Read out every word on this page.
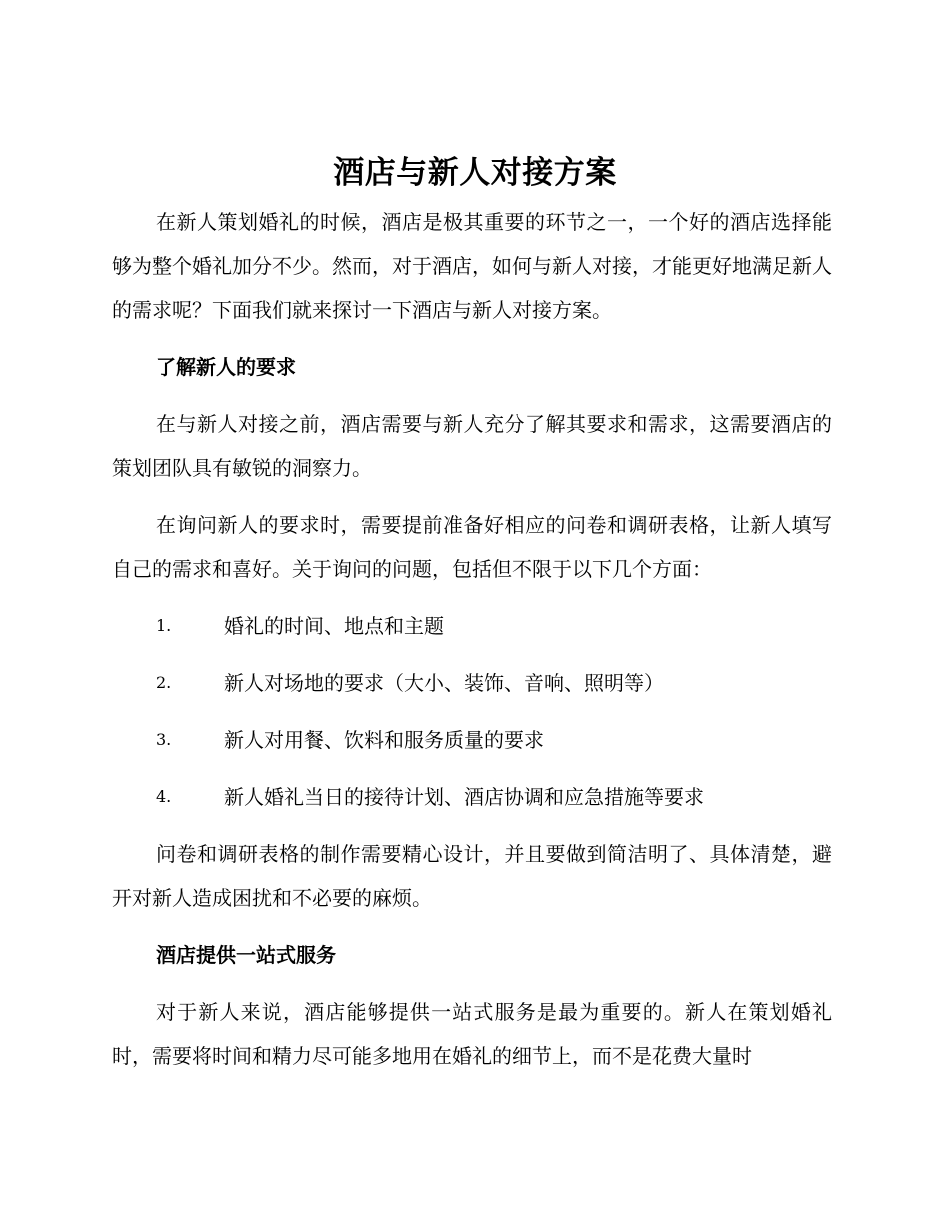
酒店与新人对接方案

在新人策划婚礼的时候，酒店是极其重要的环节之一，一个好的酒店选择能够为整个婚礼加分不少。然而，对于酒店，如何与新人对接，才能更好地满足新人的需求呢？下面我们就来探讨一下酒店与新人对接方案。

了解新人的要求

在与新人对接之前，酒店需要与新人充分了解其要求和需求，这需要酒店的策划团队具有敏锐的洞察力。

在询问新人的要求时，需要提前准备好相应的问卷和调研表格，让新人填写自己的需求和喜好。关于询问的问题，包括但不限于以下几个方面：

1.	婚礼的时间、地点和主题
2.	新人对场地的要求（大小、装饰、音响、照明等）
3.	新人对用餐、饮料和服务质量的要求
4.	新人婚礼当日的接待计划、酒店协调和应急措施等要求

问卷和调研表格的制作需要精心设计，并且要做到简洁明了、具体清楚，避开对新人造成困扰和不必要的麻烦。

酒店提供一站式服务

对于新人来说，酒店能够提供一站式服务是最为重要的。新人在策划婚礼时，需要将时间和精力尽可能多地用在婚礼的细节上，而不是花费大量时
